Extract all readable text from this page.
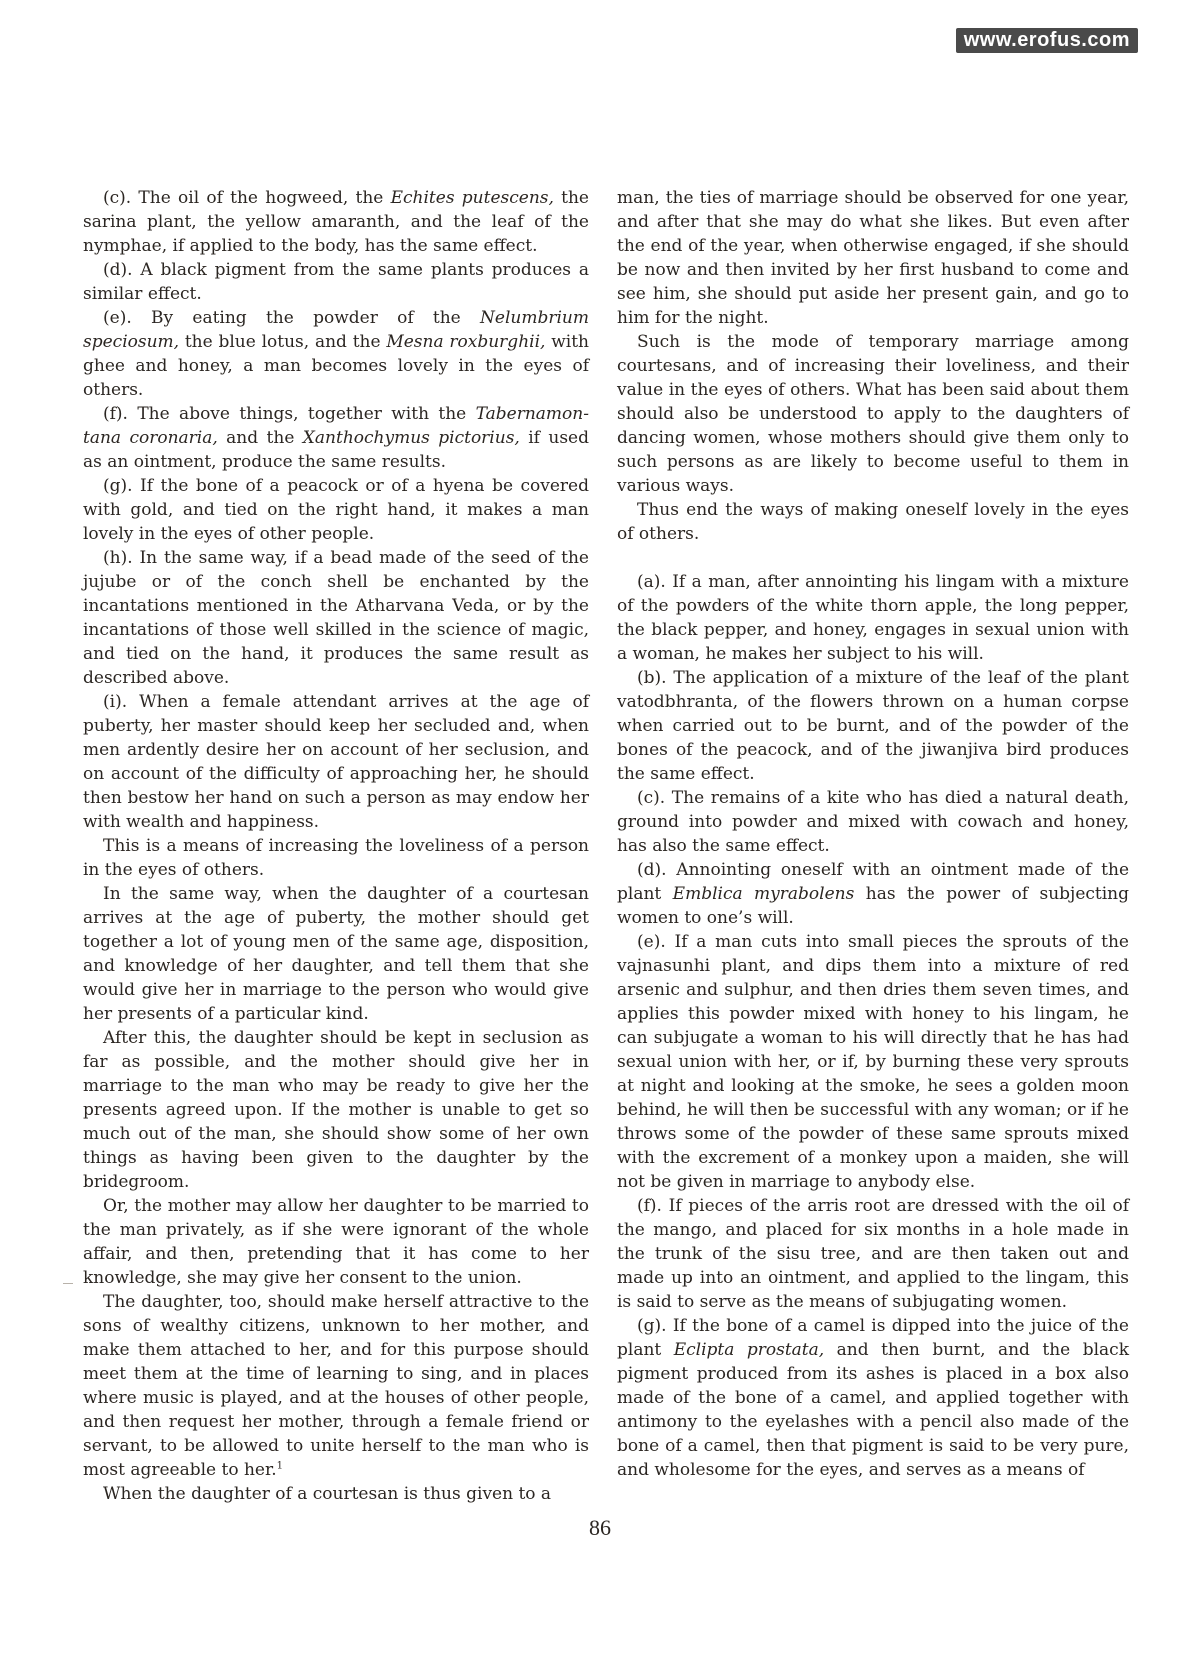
www.erofus.com

(c). The oil of the hogweed, the Echites putescens, the sarina plant, the yellow amaranth, and the leaf of the nymphae, if applied to the body, has the same effect.

(d). A black pigment from the same plants produces a similar effect.

(e). By eating the powder of the Nelumbrium speciosum, the blue lotus, and the Mesna roxburghii, with ghee and honey, a man becomes lovely in the eyes of others.

(f). The above things, together with the Tabernamontana coronaria, and the Xanthochymus pictorius, if used as an ointment, produce the same results.

(g). If the bone of a peacock or of a hyena be covered with gold, and tied on the right hand, it makes a man lovely in the eyes of other people.

(h). In the same way, if a bead made of the seed of the jujube or of the conch shell be enchanted by the incantations mentioned in the Atharvana Veda, or by the incantations of those well skilled in the science of magic, and tied on the hand, it produces the same result as described above.

(i). When a female attendant arrives at the age of puberty, her master should keep her secluded and, when men ardently desire her on account of her seclusion, and on account of the difficulty of approaching her, he should then bestow her hand on such a person as may endow her with wealth and happiness.

This is a means of increasing the loveliness of a person in the eyes of others.

In the same way, when the daughter of a courtesan arrives at the age of puberty, the mother should get together a lot of young men of the same age, disposition, and knowledge of her daughter, and tell them that she would give her in marriage to the person who would give her presents of a particular kind.

After this, the daughter should be kept in seclusion as far as possible, and the mother should give her in marriage to the man who may be ready to give her the presents agreed upon. If the mother is unable to get so much out of the man, she should show some of her own things as having been given to the daughter by the bridegroom.

Or, the mother may allow her daughter to be married to the man privately, as if she were ignorant of the whole affair, and then, pretending that it has come to her knowledge, she may give her consent to the union.

The daughter, too, should make herself attractive to the sons of wealthy citizens, unknown to her mother, and make them attached to her, and for this purpose should meet them at the time of learning to sing, and in places where music is played, and at the houses of other people, and then request her mother, through a female friend or servant, to be allowed to unite herself to the man who is most agreeable to her.$^1$

When the daughter of a courtesan is thus given to a

man, the ties of marriage should be observed for one year, and after that she may do what she likes. But even after the end of the year, when otherwise engaged, if she should be now and then invited by her first husband to come and see him, she should put aside her present gain, and go to him for the night.

Such is the mode of temporary marriage among courtesans, and of increasing their loveliness, and their value in the eyes of others. What has been said about them should also be understood to apply to the daughters of dancing women, whose mothers should give them only to such persons as are likely to become useful to them in various ways.

Thus end the ways of making oneself lovely in the eyes of others.

(a). If a man, after annointing his lingam with a mixture of the powders of the white thorn apple, the long pepper, the black pepper, and honey, engages in sexual union with a woman, he makes her subject to his will.

(b). The application of a mixture of the leaf of the plant vatodbhranta, of the flowers thrown on a human corpse when carried out to be burnt, and of the powder of the bones of the peacock, and of the jiwanjiva bird produces the same effect.

(c). The remains of a kite who has died a natural death, ground into powder and mixed with cowach and honey, has also the same effect.

(d). Annointing oneself with an ointment made of the plant Emblica myrabolens has the power of subjecting women to one’s will.

(e). If a man cuts into small pieces the sprouts of the vajnasunhi plant, and dips them into a mixture of red arsenic and sulphur, and then dries them seven times, and applies this powder mixed with honey to his lingam, he can subjugate a woman to his will directly that he has had sexual union with her, or if, by burning these very sprouts at night and looking at the smoke, he sees a golden moon behind, he will then be successful with any woman; or if he throws some of the powder of these same sprouts mixed with the excrement of a monkey upon a maiden, she will not be given in marriage to anybody else.

(f). If pieces of the arris root are dressed with the oil of the mango, and placed for six months in a hole made in the trunk of the sisu tree, and are then taken out and made up into an ointment, and applied to the lingam, this is said to serve as the means of subjugating women.

(g). If the bone of a camel is dipped into the juice of the plant Eclipta prostata, and then burnt, and the black pigment produced from its ashes is placed in a box also made of the bone of a camel, and applied together with antimony to the eyelashes with a pencil also made of the bone of a camel, then that pigment is said to be very pure, and wholesome for the eyes, and serves as a means of

86
